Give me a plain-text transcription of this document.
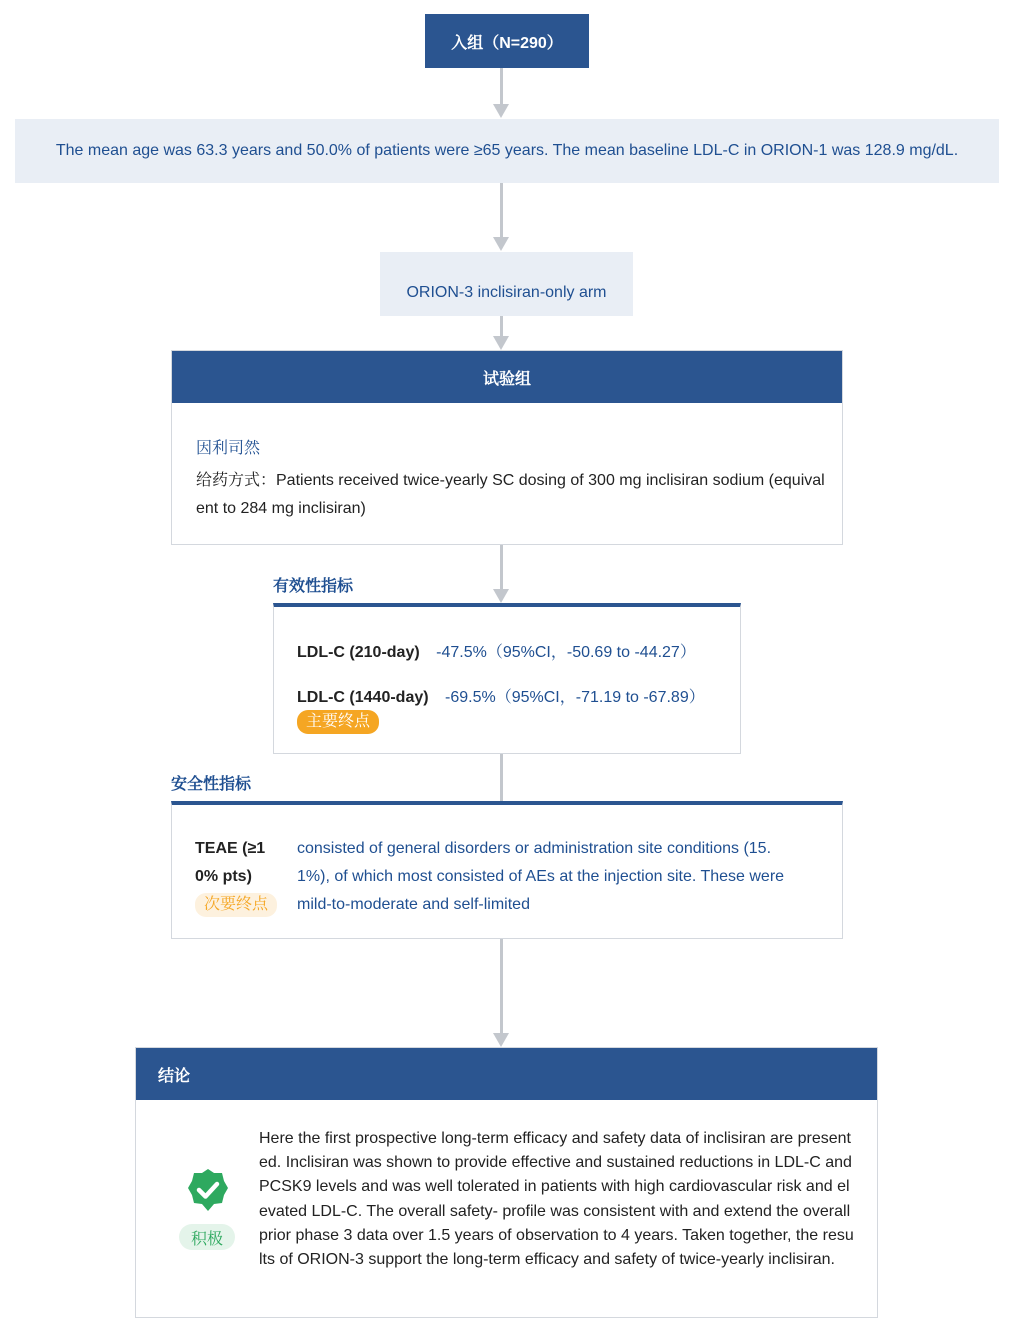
入组（N=290）
The mean age was 63.3 years and 50.0% of patients were ≥65 years. The mean baseline LDL-C in ORION-1 was 128.9 mg/dL.
ORION-3 inclisiran-only arm
试验组
因利司然
给药方式：Patients received twice-yearly SC dosing of 300 mg inclisiran sodium (equivalent to 284 mg inclisiran)
有效性指标
LDL-C (210-day) -47.5%（95%CI，-50.69 to -44.27）
LDL-C (1440-day) -69.5%（95%CI，-71.19 to -67.89）
主要终点
安全性指标
TEAE (≥1
0% pts)
次要终点
consisted of general disorders or administration site conditions (15.
1%), of which most consisted of AEs at the injection site. These were
mild-to-moderate and self-limited
结论
积极
Here the first prospective long-term efficacy and safety data of inclisiran are presented. Inclisiran was shown to provide effective and sustained reductions in LDL-C and PCSK9 levels and was well tolerated in patients with high cardiovascular risk and elevated LDL-C. The overall safety- profile was consistent with and extend the overall prior phase 3 data over 1.5 years of observation to 4 years. Taken together, the results of ORION-3 support the long-term efficacy and safety of twice-yearly inclisiran.
